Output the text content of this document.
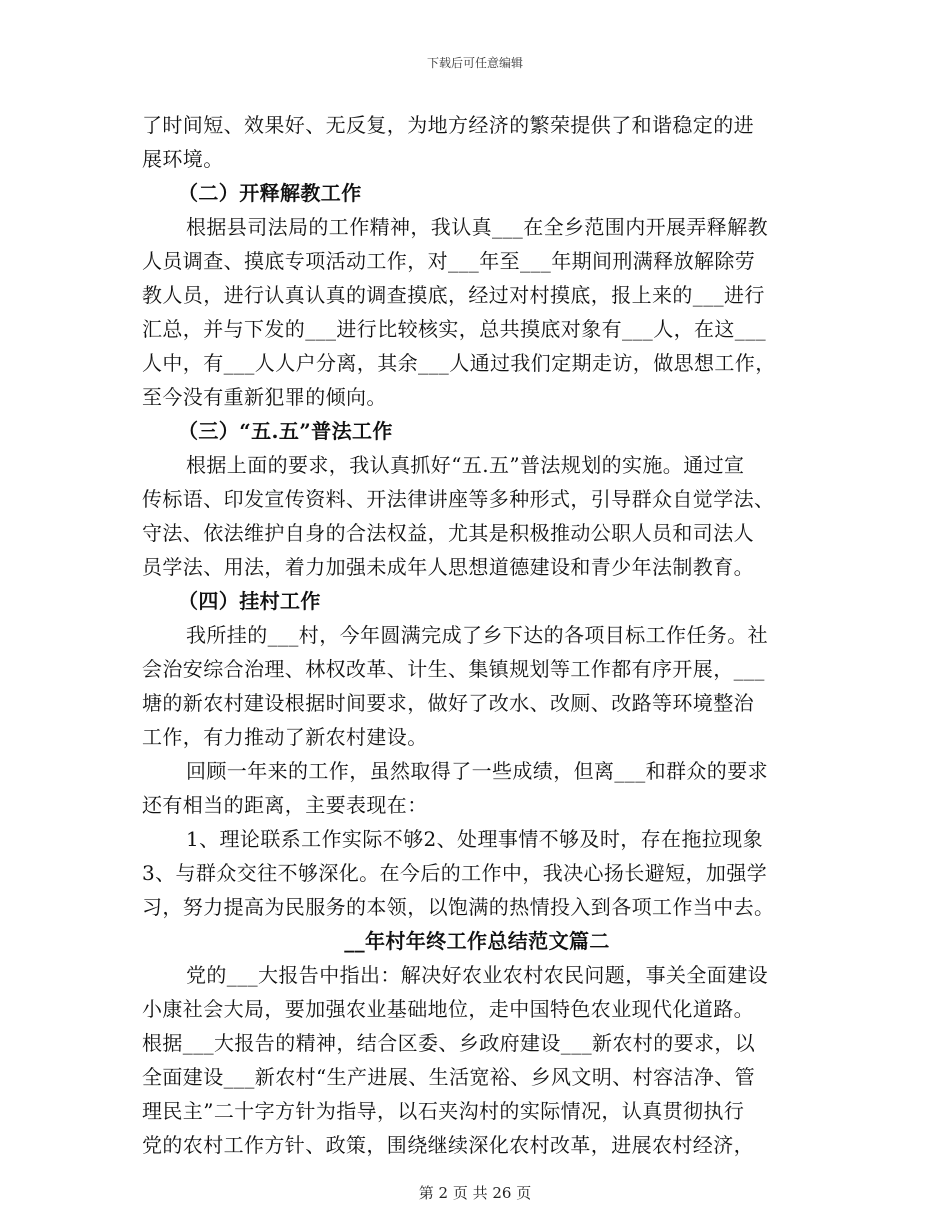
下载后可任意编辑
了时间短、效果好、无反复，为地方经济的繁荣提供了和谐稳定的进
展环境。
（二）开释解教工作
根据县司法局的工作精神，我认真___在全乡范围内开展弄释解教
人员调查、摸底专项活动工作，对___年至___年期间刑满释放解除劳
教人员，进行认真认真的调查摸底，经过对村摸底，报上来的___进行
汇总，并与下发的___进行比较核实，总共摸底对象有___人，在这___
人中，有___人人户分离，其余___人通过我们定期走访，做思想工作，
至今没有重新犯罪的倾向。
（三）“五.五”普法工作
根据上面的要求，我认真抓好“五.五”普法规划的实施。通过宣
传标语、印发宣传资料、开法律讲座等多种形式，引导群众自觉学法、
守法、依法维护自身的合法权益，尤其是积极推动公职人员和司法人
员学法、用法，着力加强未成年人思想道德建设和青少年法制教育。
（四）挂村工作
我所挂的___村，今年圆满完成了乡下达的各项目标工作任务。社
会治安综合治理、林权改革、计生、集镇规划等工作都有序开展，___
塘的新农村建设根据时间要求，做好了改水、改厕、改路等环境整治
工作，有力推动了新农村建设。
回顾一年来的工作，虽然取得了一些成绩，但离___和群众的要求
还有相当的距离，主要表现在：
1、理论联系工作实际不够2、处理事情不够及时，存在拖拉现象
3、与群众交往不够深化。在今后的工作中，我决心扬长避短，加强学
习，努力提高为民服务的本领，以饱满的热情投入到各项工作当中去。
__年村年终工作总结范文篇二
党的___大报告中指出：解决好农业农村农民问题，事关全面建设
小康社会大局，要加强农业基础地位，走中国特色农业现代化道路。
根据___大报告的精神，结合区委、乡政府建设___新农村的要求，以
全面建设___新农村“生产进展、生活宽裕、乡风文明、村容洁净、管
理民主”二十字方针为指导，以石夹沟村的实际情况，认真贯彻执行
党的农村工作方针、政策，围绕继续深化农村改革，进展农村经济，
第 2 页 共 26 页
